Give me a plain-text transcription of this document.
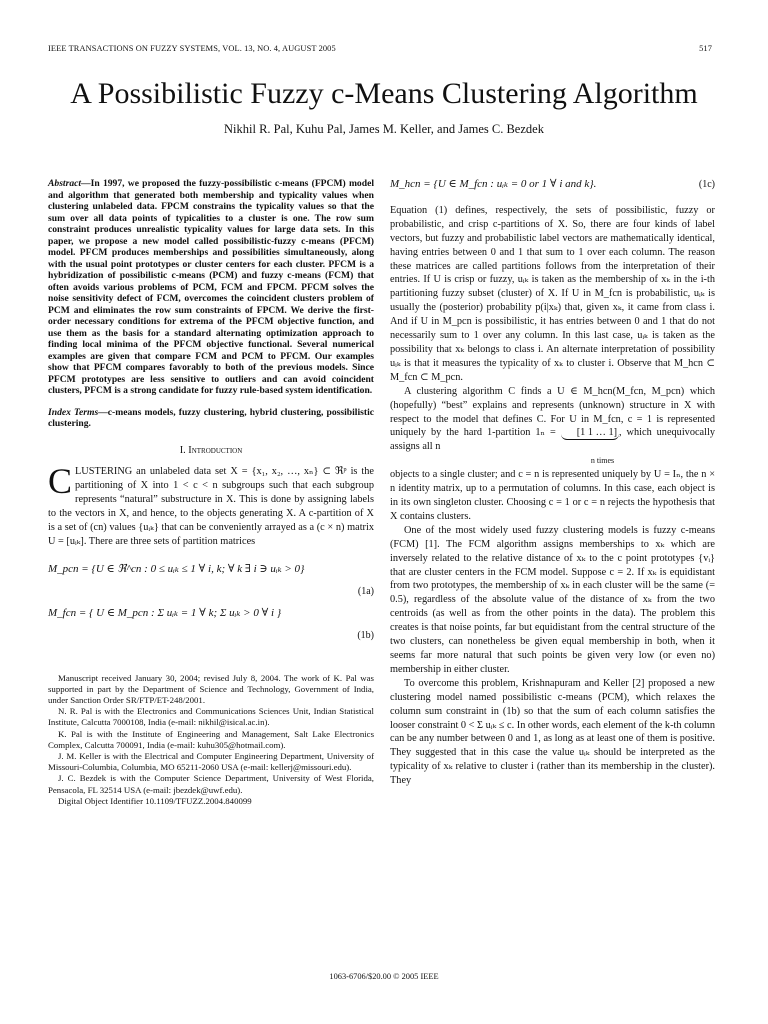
IEEE TRANSACTIONS ON FUZZY SYSTEMS, VOL. 13, NO. 4, AUGUST 2005	517
A Possibilistic Fuzzy c-Means Clustering Algorithm
Nikhil R. Pal, Kuhu Pal, James M. Keller, and James C. Bezdek

Abstract—In 1997, we proposed the fuzzy-possibilistic c-means (FPCM) model and algorithm that generated both membership and typicality values when clustering unlabeled data. FPCM constrains the typicality values so that the sum over all data points of typicalities to a cluster is one. The row sum constraint produces unrealistic typicality values for large data sets. In this paper, we propose a new model called possibilistic-fuzzy c-means (PFCM) model. PFCM produces memberships and possibilities simultaneously, along with the usual point prototypes or cluster centers for each cluster. PFCM is a hybridization of possibilistic c-means (PCM) and fuzzy c-means (FCM) that often avoids various problems of PCM, FCM and FPCM. PFCM solves the noise sensitivity defect of FCM, overcomes the coincident clusters problem of PCM and eliminates the row sum constraints of FPCM. We derive the first-order necessary conditions for extrema of the PFCM objective function, and use them as the basis for a standard alternating optimization approach to finding local minima of the PFCM objective functional. Several numerical examples are given that compare FCM and PCM to PFCM. Our examples show that PFCM compares favorably to both of the previous models. Since PFCM prototypes are less sensitive to outliers and can avoid coincident clusters, PFCM is a strong candidate for fuzzy rule-based system identification.

Index Terms—c-means models, fuzzy clustering, hybrid clustering, possibilistic clustering.

I. Introduction

CLUSTERING an unlabeled data set X = {x₁, x₂, …, xₙ} ⊂ ℜᵖ is the partitioning of X into 1 < c < n subgroups such that each subgroup represents “natural” substructure in X. This is done by assigning labels to the vectors in X, and hence, to the objects generating X. A c-partition of X is a set of (cn) values {uᵢₖ} that can be conveniently arrayed as a (c × n) matrix U = [uᵢₖ]. There are three sets of partition matrices

M_pcn = {U ∈ ℜ^cn : 0 ≤ uᵢₖ ≤ 1 ∀ i, k; ∀ k ∃ i ∋ uᵢₖ > 0}
(1a)
M_fcn = { U ∈ M_pcn : Σ uᵢₖ = 1 ∀ k; Σ uᵢₖ > 0 ∀ i }
(1b)

Manuscript received January 30, 2004; revised July 8, 2004. The work of K. Pal was supported in part by the Department of Science and Technology, Government of India, under Sanction Order SR/FTP/ET-248/2001.

N. R. Pal is with the Electronics and Communications Sciences Unit, Indian Statistical Institute, Calcutta 7000108, India (e-mail: nikhil@isical.ac.in).

K. Pal is with the Institute of Engineering and Management, Salt Lake Electronics Complex, Calcutta 700091, India (e-mail: kuhu305@hotmail.com).

J. M. Keller is with the Electrical and Computer Engineering Department, University of Missouri-Columbia, Columbia, MO 65211-2060 USA (e-mail: kellerj@missouri.edu).

J. C. Bezdek is with the Computer Science Department, University of West Florida, Pensacola, FL 32514 USA (e-mail: jbezdek@uwf.edu).

Digital Object Identifier 10.1109/TFUZZ.2004.840099

M_hcn = {U ∈ M_fcn : uᵢₖ = 0 or 1 ∀ i and k}.	(1c)

Equation (1) defines, respectively, the sets of possibilistic, fuzzy or probabilistic, and crisp c-partitions of X. So, there are four kinds of label vectors, but fuzzy and probabilistic label vectors are mathematically identical, having entries between 0 and 1 that sum to 1 over each column. The reason these matrices are called partitions follows from the interpretation of their entries. If U is crisp or fuzzy, uᵢₖ is taken as the membership of xₖ in the i-th partitioning fuzzy subset (cluster) of X. If U in M_fcn is probabilistic, uᵢₖ is usually the (posterior) probability p(i|xₖ) that, given xₖ, it came from class i. And if U in M_pcn is possibilistic, it has entries between 0 and 1 that do not necessarily sum to 1 over any column. In this last case, uᵢₖ is taken as the possibility that xₖ belongs to class i. An alternate interpretation of possibility uᵢₖ is that it measures the typicality of xₖ to cluster i. Observe that M_hcn ⊂ M_fcn ⊂ M_pcn.

A clustering algorithm C finds a U ∈ M_hcn(M_fcn, M_pcn) which (hopefully) “best” explains and represents (unknown) structure in X with respect to the model that defines C. For U in M_fcn, c = 1 is represented uniquely by the hard 1-partition 1ₙ = [1 1 … 1] , which unequivocally assigns all n

n times

objects to a single cluster; and c = n is represented uniquely by U = Iₙ, the n × n identity matrix, up to a permutation of columns. In this case, each object is in its own singleton cluster. Choosing c = 1 or c = n rejects the hypothesis that X contains clusters.

One of the most widely used fuzzy clustering models is fuzzy c-means (FCM) [1]. The FCM algorithm assigns memberships to xₖ which are inversely related to the relative distance of xₖ to the c point prototypes {vᵢ} that are cluster centers in the FCM model. Suppose c = 2. If xₖ is equidistant from two prototypes, the membership of xₖ in each cluster will be the same (= 0.5), regardless of the absolute value of the distance of xₖ from the two centroids (as well as from the other points in the data). The problem this creates is that noise points, far but equidistant from the central structure of the two clusters, can nonetheless be given equal membership in both, when it seems far more natural that such points be given very low (or even no) membership in either cluster.

To overcome this problem, Krishnapuram and Keller [2] proposed a new clustering model named possibilistic c-means (PCM), which relaxes the column sum constraint in (1b) so that the sum of each column satisfies the looser constraint 0 < Σ uᵢₖ ≤ c. In other words, each element of the k-th column can be any number between 0 and 1, as long as at least one of them is positive. They suggested that in this case the value uᵢₖ should be interpreted as the typicality of xₖ relative to cluster i (rather than its membership in the cluster). They

1063-6706/$20.00 © 2005 IEEE
